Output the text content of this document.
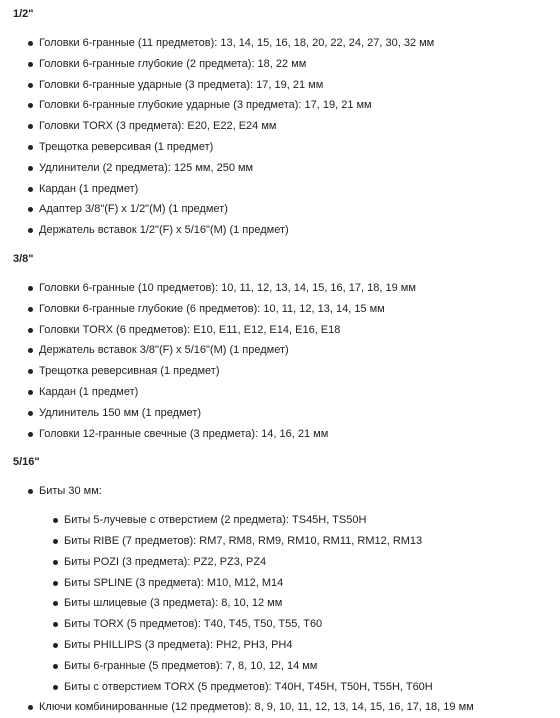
1/2"
Головки 6-гранные (11 предметов): 13, 14, 15, 16, 18, 20, 22, 24, 27, 30, 32 мм
Головки 6-гранные глубокие (2 предмета): 18, 22 мм
Головки 6-гранные ударные (3 предмета): 17, 19, 21 мм
Головки 6-гранные глубокие ударные (3 предмета): 17, 19, 21 мм
Головки TORX (3 предмета): E20, E22, E24 мм
Трещотка реверсивая (1 предмет)
Удлинители (2 предмета): 125 мм, 250 мм
Кардан (1 предмет)
Адаптер 3/8"(F) х 1/2"(M) (1 предмет)
Держатель вставок 1/2"(F) х 5/16"(M) (1 предмет)
3/8"
Головки 6-гранные (10 предметов): 10, 11, 12, 13, 14, 15, 16, 17, 18, 19 мм
Головки 6-гранные глубокие (6 предметов): 10, 11, 12, 13, 14, 15 мм
Головки TORX (6 предметов): E10, E11, E12, E14, E16, E18
Держатель вставок 3/8"(F) х 5/16"(M) (1 предмет)
Трещотка реверсивная (1 предмет)
Кардан (1 предмет)
Удлинитель 150 мм (1 предмет)
Головки 12-гранные свечные (3 предмета): 14, 16, 21 мм
5/16"
Биты 30 мм:
Биты 5-лучевые с отверстием (2 предмета): TS45H, TS50H
Биты RIBE (7 предметов): RM7, RM8, RM9, RM10, RM11, RM12, RM13
Биты POZI (3 предмета): PZ2, PZ3, PZ4
Биты SPLINE (3 предмета): M10, M12, M14
Биты шлицевые (3 предмета): 8, 10, 12 мм
Биты TORX (5 предметов): T40, T45, T50, T55, T60
Биты PHILLIPS (3 предмета): PH2, PH3, PH4
Биты 6-гранные (5 предметов): 7, 8, 10, 12, 14 мм
Биты с отверстием TORX (5 предметов): T40H, T45H, T50H, T55H, T60H
Ключи комбинированные (12 предметов): 8, 9, 10, 11, 12, 13, 14, 15, 16, 17, 18, 19 мм
